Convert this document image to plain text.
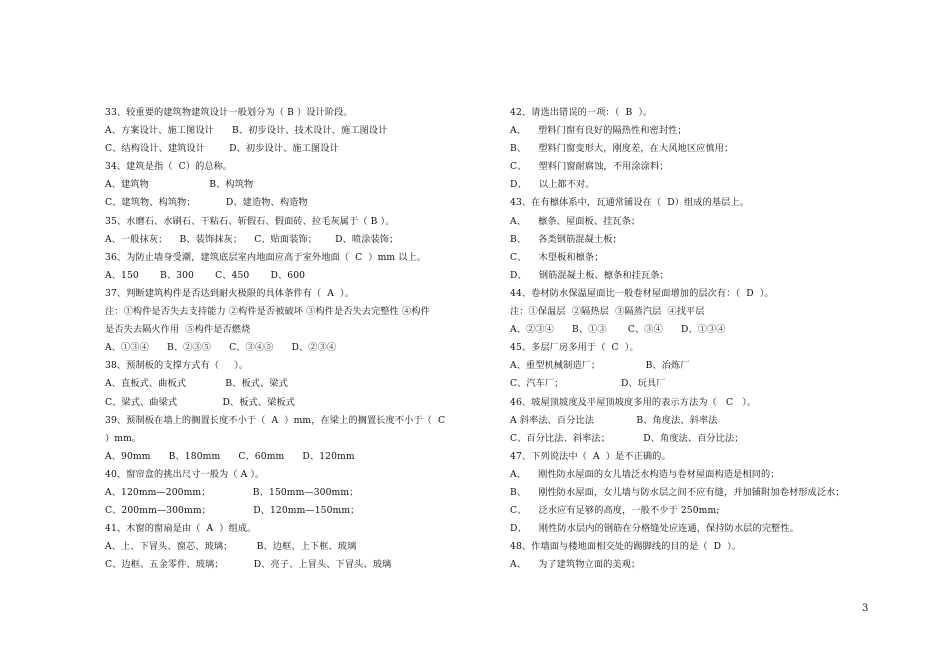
33、较重要的建筑物建筑设计一般划分为（ B ）设计阶段。
A、方案设计、施工图设计      B、初步设计、技术设计、施工图设计
C、结构设计、建筑设计        D、初步设计、施工图设计
34、建筑是指（  C）的总称。
A、建筑物                    B、构筑物
C、建筑物、构筑物；          D、建造物、构造物
35、水磨石、水刷石、干粘石、斩假石、假面砖、拉毛灰属于（ B ）。
A、一般抹灰；    B、装饰抹灰；    C、贴面装饰；      D、喷涂装饰；
36、为防止墙身受潮，建筑底层室内地面应高于室外地面（  C  ）mm 以上。
A、150       B、300       C、450       D、600
37、判断建筑构件是否达到耐火极限的具体条件有（  A  ）。
注：①构件是否失去支持能力 ②构件是否被破坏 ③构件是否失去完整性 ④构件
是否失去隔火作用  ⑤构件是否燃烧
A、①③④      B、②③⑤      C、③④⑤      D、②③④
38、预制板的支撑方式有（     ）。
A、直板式、曲板式             B、板式、梁式
C、梁式、曲梁式               D、板式、梁板式
39、预制板在墙上的搁置长度不小于（  A  ）mm，在梁上的搁置长度不小于（  C
）mm。
A、90mm      B、180mm      C、60mm      D、120mm
40、窗帘盒的挑出尺寸一般为（ A ）。
A、120mm—200mm；              B、150mm—300mm；
C、200mm—300mm；              D、120mm—150mm；
41、木窗的窗扇是由（  A  ）组成。
A、上、下冒头、窗芯、玻璃；        B、边框、上下框、玻璃
C、边框、五金零件、玻璃；          D、亮子、上冒头、下冒头、玻璃
42、请选出错误的一项：（  B  ）。
A、    塑料门窗有良好的隔热性和密封性；
B、    塑料门窗变形大，刚度差，在大风地区应慎用；
C、    塑料门窗耐腐蚀，不用涂涂料；
D、    以上都不对。
43、在有檩体系中，瓦通常铺设在（  D）组成的基层上。
A、    檩条、屋面板、挂瓦条；
B、    各类钢筋混凝土板；
C、    木望板和檩条；
D、    钢筋混凝土板、檩条和挂瓦条；
44、卷材防水保温屋面比一般卷材屋面增加的层次有：（  D  ）。
注：①保温层  ②隔热层  ③隔蒸汽层  ④找平层
A、②③④      B、①③       C、③④      D、①③④
45、多层厂房多用于（  C  ）。
A、重型机械制造厂；               B、冶炼厂
C、汽车厂；                   D、玩具厂
46、坡屋顶坡度及平屋顶坡度多用的表示方法为（   C   ）。
A 斜率法、百分比法              B、角度法、斜率法
C、百分比法、斜率法；           D、角度法、百分比法；
47、下列说法中（  A  ）是不正确的。
A、    刚性防水屋面的女儿墙泛水构造与卷材屋面构造是相同的；
B、    刚性防水屋面，女儿墙与防水层之间不应有缝，并加铺附加卷材形成泛水；
C、    泛水应有足够的高度，一般不少于 250mm;
D、    刚性防水层内的钢筋在分格缝处应连通，保持防水层的完整性。
48、作墙面与楼地面相交处的踢脚线的目的是（  D  ）。
A、    为了建筑物立面的美观；
3
